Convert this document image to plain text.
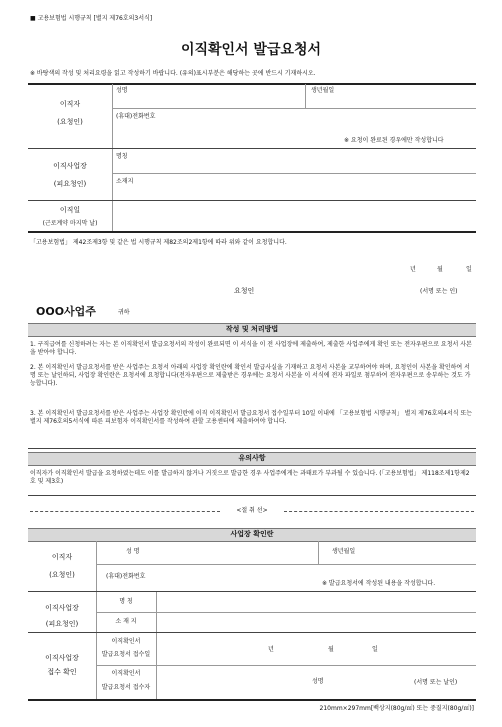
■ 고용보험법 시행규칙 [별지 제76호의3서식]
이직확인서 발급요청서
※ 바탕색의 작성 및 처리요령을 읽고 작성하기 바랍니다. (유의)표시부분은 해당하는 곳에 반드시 기재하시오.
이직자
(요청인)
성명	생년월일
(휴대)전화번호
※ 요청이 완료된 경우에만 작성합니다
이직사업장
(피요청인)
명칭
소재지
이직일
(근로계약 마지막 날)
「고용보험법」 제42조제3항 및 같은 법 시행규칙 제82조의2제1항에 따라 위와 같이 요청합니다.
년	월	일
요청인	(서명 또는 인)
OOO사업주	귀하
작성 및 처리방법
1. 구직급여를 신청하려는 자는 본 이직확인서 발급요청서의 작성이 완료되면 이 서식을 이 전 사업장에 제출하여, 제출한 사업주에게 확인 또는 전자우편으로 요청서 사본을 받아야 합니다.
2. 본 이직확인서 발급요청서를 받은 사업주는 요청서 아래의 사업장 확인란에 확인서 발급사실을 기재하고 요청서 사본을 교부하여야 하며, 요청인이 사본을 확인하여 서명 또는 날인하되, 사업장 확인란은 요청서에 요청합니다(전자우편으로 제출받은 경우에는 요청서 사본을 이 서식에 전자 파일로 첨부하여 전자우편으로 송부하는 것도 가능합니다).
3. 본 이직확인서 발급요청서를 받은 사업주는 사업장 확인란에 이직 이직확인서 발급요청서 접수일부터 10일 이내에 「고용보험법 시행규칙」 별지 제76호의4서식 또는 별지 제76호의5서식에 따른 피보험자 이직확인서를 작성하여 관할 고용센터에 제출하여야 합니다.
유의사항
이직자가 이직확인서 발급을 요청하였는데도 이를 발급하지 않거나 거짓으로 발급한 경우 사업주에게는 과태료가 부과될 수 있습니다. (「고용보험법」 제118조제1항제2호 및 제3호)
<절 취 선>
사업장 확인란
이직자
(요청인)
성 명	생년월일
(휴대)전화번호
※ 발급요청서에 작성된 내용을 작성합니다.
이직사업장
(피요청인)
명 칭
소 재 지
이직사업장
접수 확인
이직확인서
발급요청서 접수일
년	월	일
이직확인서
발급요청서 접수자
성명	(서명 또는 날인)
210mm×297mm[백상지(80g/㎡) 또는 중질지(80g/㎡)]
